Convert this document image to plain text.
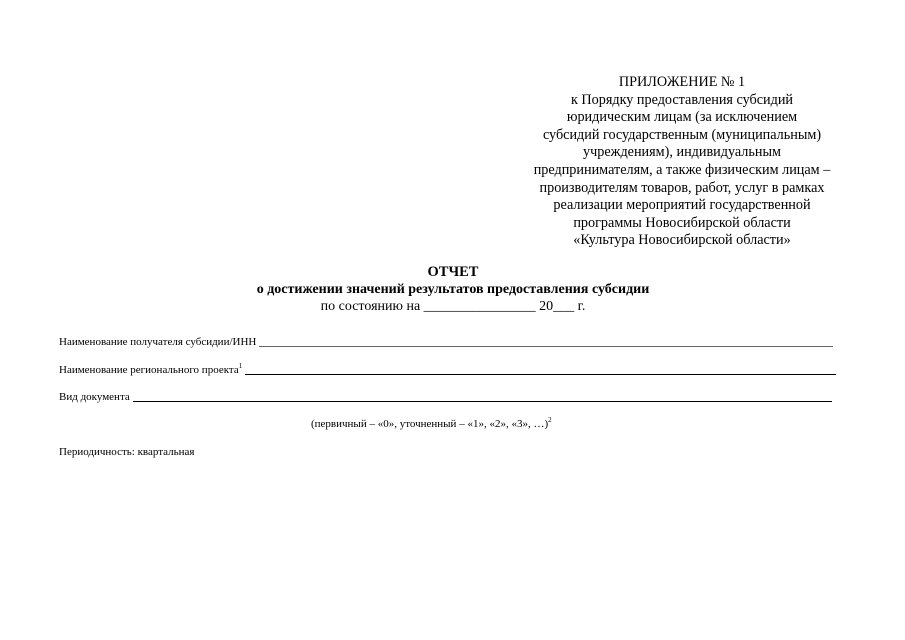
ПРИЛОЖЕНИЕ № 1
к Порядку предоставления субсидий
юридическим лицам (за исключением
субсидий государственным (муниципальным)
учреждениям), индивидуальным
предпринимателям, а также физическим лицам –
производителям товаров, работ, услуг в рамках
реализации мероприятий государственной
программы Новосибирской области
«Культура Новосибирской области»
ОТЧЕТ
о достижении значений результатов предоставления субсидии
по состоянию на ________________ 20___ г.
Наименование получателя субсидии/ИНН
Наименование регионального проекта$^1$
Вид документа
(первичный – «0», уточненный – «1», «2», «3», …)$^2$
Периодичность: квартальная
